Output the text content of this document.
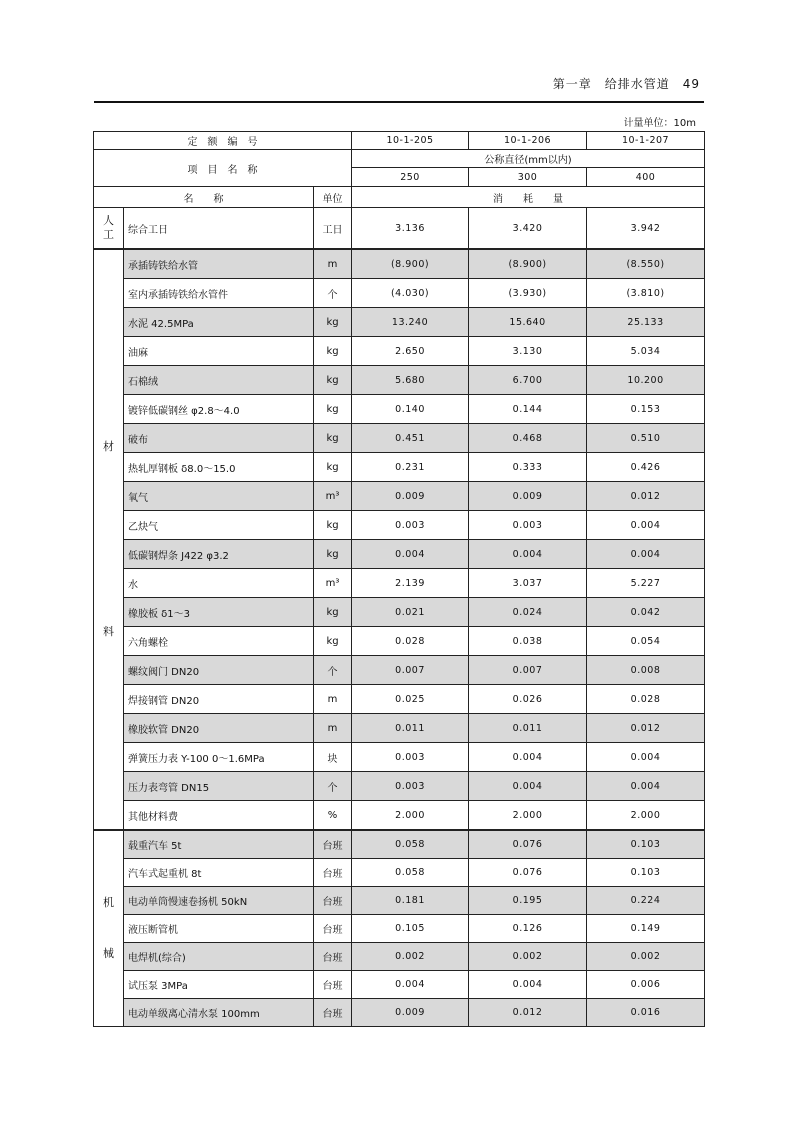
第一章　给排水管道　49
计量单位：10m
定　额　编　号			10-1-205	10-1-206	10-1-207
项　目　名　称			公称直径(mm以内)		
			250	300	400
名　　称		单位	消　　耗　　量		

人工	综合工日	工日	3.136	3.420	3.942

材
料	承插铸铁给水管	m	(8.900)	(8.900)	(8.550)
	室内承插铸铁给水管件	个	(4.030)	(3.930)	(3.810)
	水泥 42.5MPa	kg	13.240	15.640	25.133
	油麻	kg	2.650	3.130	5.034
	石棉绒	kg	5.680	6.700	10.200
	镀锌低碳钢丝 φ2.8～4.0	kg	0.140	0.144	0.153
	破布	kg	0.451	0.468	0.510
	热轧厚钢板 δ8.0～15.0	kg	0.231	0.333	0.426
	氧气	m³	0.009	0.009	0.012
	乙炔气	kg	0.003	0.003	0.004
	低碳钢焊条 J422 φ3.2	kg	0.004	0.004	0.004
	水	m³	2.139	3.037	5.227
	橡胶板 δ1～3	kg	0.021	0.024	0.042
	六角螺栓	kg	0.028	0.038	0.054
	螺纹阀门 DN20	个	0.007	0.007	0.008
	焊接钢管 DN20	m	0.025	0.026	0.028
	橡胶软管 DN20	m	0.011	0.011	0.012
	弹簧压力表 Y-100 0～1.6MPa	块	0.003	0.004	0.004
	压力表弯管 DN15	个	0.003	0.004	0.004
	其他材料费	%	2.000	2.000	2.000

机
械	载重汽车 5t	台班	0.058	0.076	0.103
	汽车式起重机 8t	台班	0.058	0.076	0.103
	电动单筒慢速卷扬机 50kN	台班	0.181	0.195	0.224
	液压断管机	台班	0.105	0.126	0.149
	电焊机(综合)	台班	0.002	0.002	0.002
	试压泵 3MPa	台班	0.004	0.004	0.006
	电动单级离心清水泵 100mm	台班	0.009	0.012	0.016
